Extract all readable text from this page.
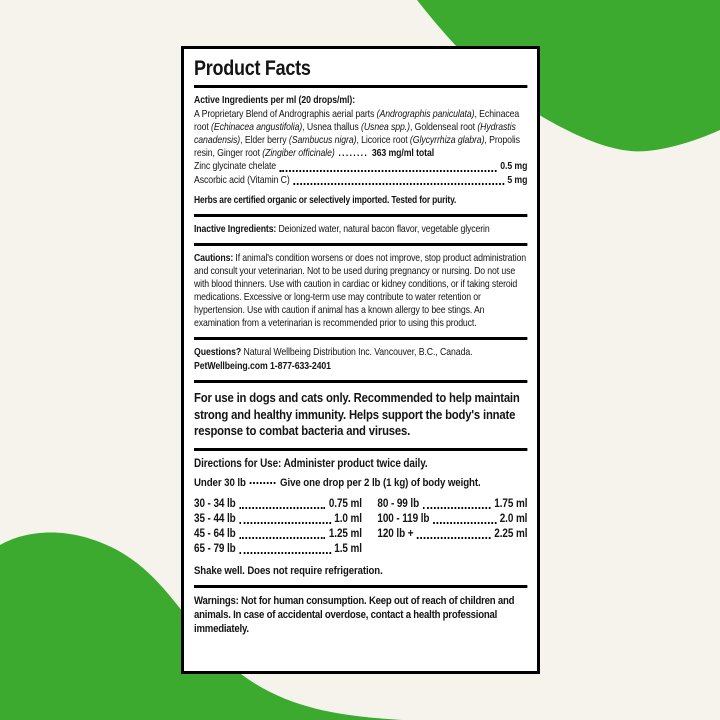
Product Facts
Active Ingredients per ml (20 drops/ml):
A Proprietary Blend of Andrographis aerial parts (Andrographis paniculata), Echinacea root (Echinacea angustifolia), Usnea thallus (Usnea spp.), Goldenseal root (Hydrastis canadensis), Elder berry (Sambucus nigra), Licorice root (Glycyrrhiza glabra), Propolis resin, Ginger root (Zingiber officinale) ........ 363 mg/ml total
Zinc glycinate chelate	0.5 mg
Ascorbic acid (Vitamin C)	5 mg
Herbs are certified organic or selectively imported. Tested for purity.
Inactive Ingredients: Deionized water, natural bacon flavor, vegetable glycerin
Cautions: If animal's condition worsens or does not improve, stop product administration and consult your veterinarian. Not to be used during pregnancy or nursing. Do not use with blood thinners. Use with caution in cardiac or kidney conditions, or if taking steroid medications. Excessive or long-term use may contribute to water retention or hypertension. Use with caution if animal has a known allergy to bee stings. An examination from a veterinarian is recommended prior to using this product.
Questions? Natural Wellbeing Distribution Inc. Vancouver, B.C., Canada.
PetWellbeing.com 1-877-633-2401
For use in dogs and cats only. Recommended to help maintain strong and healthy immunity. Helps support the body's innate response to combat bacteria and viruses.
Directions for Use: Administer product twice daily.
Under 30 lb	Give one drop per 2 lb (1 kg) of body weight.
30 - 34 lb	0.75 ml
35 - 44 lb	1.0 ml
45 - 64 lb	1.25 ml
65 - 79 lb	1.5 ml
80 - 99 lb	1.75 ml
100 - 119 lb	2.0 ml
120 lb +	2.25 ml
Shake well. Does not require refrigeration.
Warnings: Not for human consumption. Keep out of reach of children and animals. In case of accidental overdose, contact a health professional immediately.
